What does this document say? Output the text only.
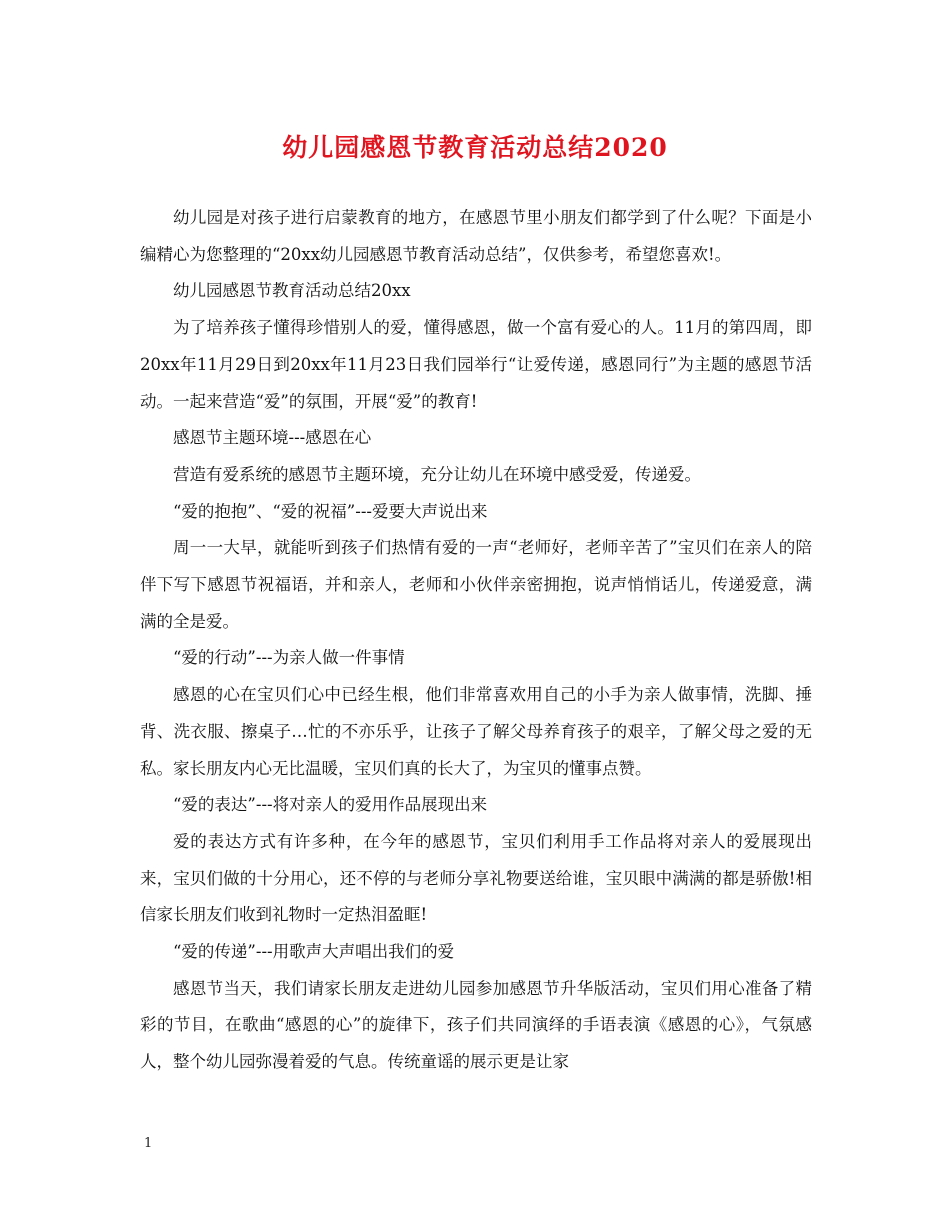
幼儿园感恩节教育活动总结2020

幼儿园是对孩子进行启蒙教育的地方，在感恩节里小朋友们都学到了什么呢？下面是小编精心为您整理的“20xx幼儿园感恩节教育活动总结”，仅供参考，希望您喜欢!。

幼儿园感恩节教育活动总结20xx

为了培养孩子懂得珍惜别人的爱，懂得感恩，做一个富有爱心的人。11月的第四周，即20xx年11月29日到20xx年11月23日我们园举行“让爱传递，感恩同行”为主题的感恩节活动。一起来营造“爱”的氛围，开展“爱”的教育!

感恩节主题环境---感恩在心

营造有爱系统的感恩节主题环境，充分让幼儿在环境中感受爱，传递爱。

“爱的抱抱”、“爱的祝福”---爱要大声说出来

周一一大早，就能听到孩子们热情有爱的一声“老师好，老师辛苦了”宝贝们在亲人的陪伴下写下感恩节祝福语，并和亲人，老师和小伙伴亲密拥抱，说声悄悄话儿，传递爱意，满满的全是爱。

“爱的行动”---为亲人做一件事情

感恩的心在宝贝们心中已经生根，他们非常喜欢用自己的小手为亲人做事情，洗脚、捶背、洗衣服、擦桌子…忙的不亦乐乎，让孩子了解父母养育孩子的艰辛，了解父母之爱的无私。家长朋友内心无比温暖，宝贝们真的长大了，为宝贝的懂事点赞。

“爱的表达”---将对亲人的爱用作品展现出来

爱的表达方式有许多种，在今年的感恩节，宝贝们利用手工作品将对亲人的爱展现出来，宝贝们做的十分用心，还不停的与老师分享礼物要送给谁，宝贝眼中满满的都是骄傲!相信家长朋友们收到礼物时一定热泪盈眶!

“爱的传递”---用歌声大声唱出我们的爱

感恩节当天，我们请家长朋友走进幼儿园参加感恩节升华版活动，宝贝们用心准备了精彩的节目，在歌曲“感恩的心”的旋律下，孩子们共同演绎的手语表演《感恩的心》，气氛感人，整个幼儿园弥漫着爱的气息。传统童谣的展示更是让家

1
